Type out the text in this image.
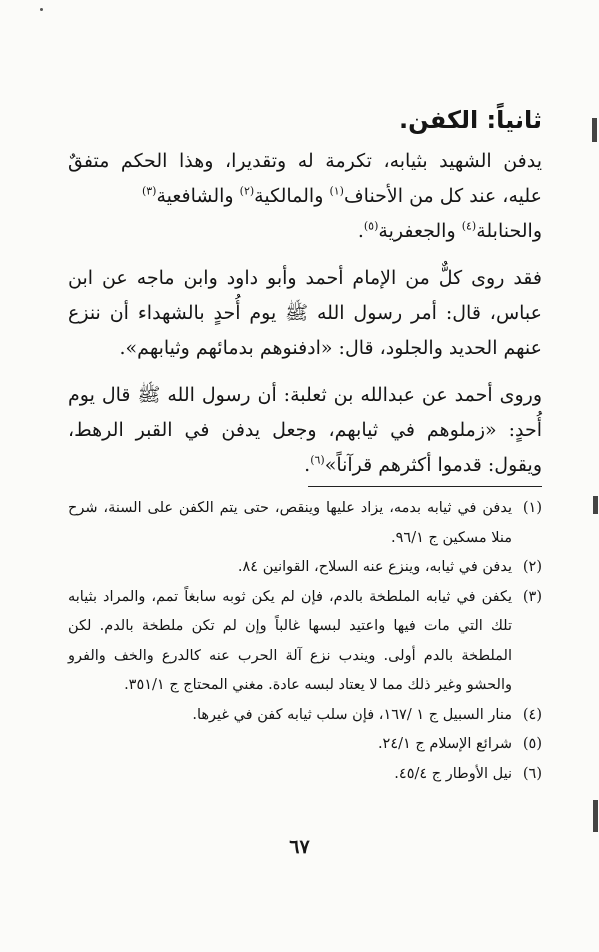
ثانياً: الكفن.

يدفن الشهيد بثيابه، تكرمة له وتقديرا، وهذا الحكم متفقٌ عليه، عند كل من الأحناف$^{(١)}$ والمالكية$^{(٢)}$ والشافعية$^{(٣)}$
والحنابلة$^{(٤)}$ والجعفرية$^{(٥)}$.

فقد روى كلٌّ من الإمام أحمد وأبو داود وابن ماجه عن ابن عباس، قال: أمر رسول الله ﷺ يوم أُحدٍ بالشهداء أن ننزع عنهم الحديد والجلود، قال: «ادفنوهم بدمائهم وثيابهم».

وروى أحمد عن عبدالله بن ثعلبة: أن رسول الله ﷺ قال يوم أُحدٍ: «زملوهم في ثيابهم، وجعل يدفن في القبر الرهط، ويقول: قدموا أكثرهم قرآناً»$^{(٦)}$.

(١)
يدفن في ثيابه بدمه، يزاد عليها وينقص، حتى يتم الكفن على السنة، شرح منلا مسكين ج ٩٦/١.
(٢)
يدفن في ثيابه، وينزع عنه السلاح، القوانين ٨٤.
(٣)
يكفن في ثيابه الملطخة بالدم، فإن لم يكن ثوبه سابغاً تمم، والمراد بثيابه تلك التي مات فيها واعتيد لبسها غالباً وإن لم تكن ملطخة بالدم. لكن الملطخة بالدم أولى. ويندب نزع آلة الحرب عنه كالدرع والخف والفرو والحشو وغير ذلك مما لا يعتاد لبسه عادة. مغني المحتاج ج ٣٥١/١.
(٤)
منار السبيل ج ١ /١٦٧، فإن سلب ثيابه كفن في غيرها.
(٥)
شرائع الإسلام ج ٢٤/١.
(٦)
نيل الأوطار ج ٤٥/٤.
٦٧
